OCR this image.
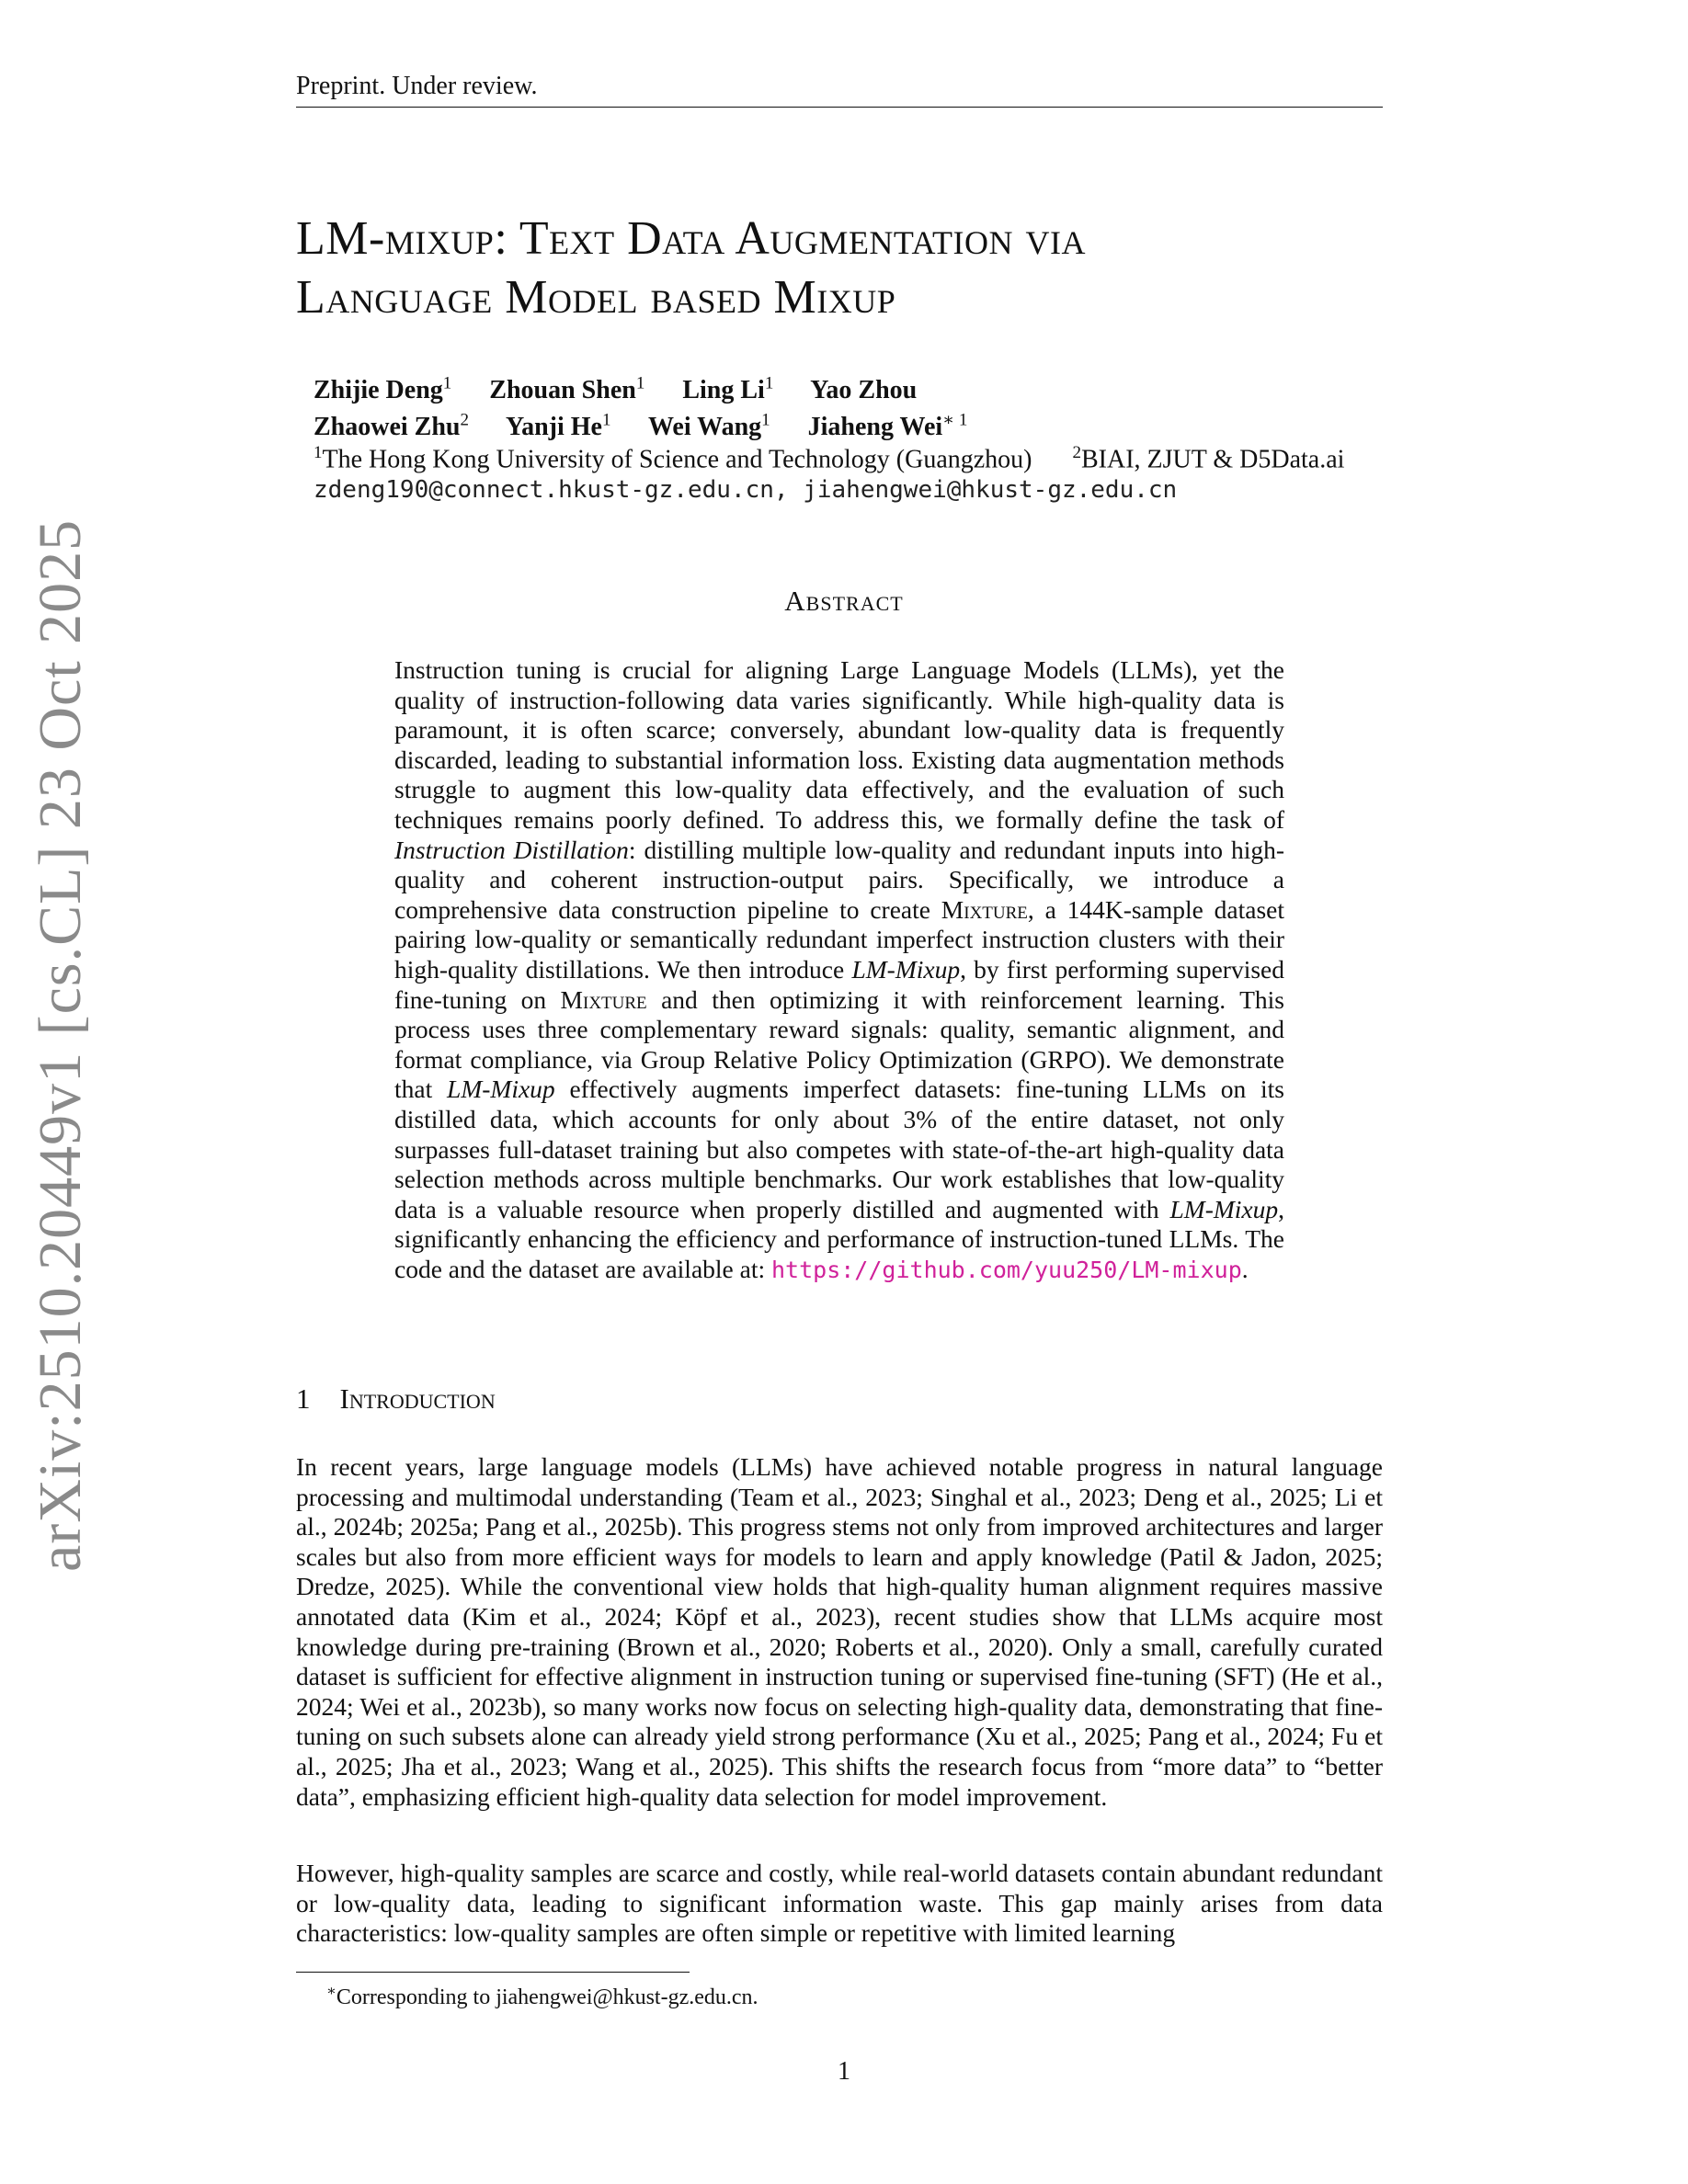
Preprint. Under review.
arXiv:2510.20449v1 [cs.CL] 23 Oct 2025
LM-mixup: Text Data Augmentation via
Language Model based Mixup
Zhijie Deng$^1$ Zhouan Shen$^1$ Ling Li$^1$ Yao Zhou
Zhaowei Zhu$^2$ Yanji He$^1$ Wei Wang$^1$ Jiaheng Wei$^{∗ 1}$
$^1$The Hong Kong University of Science and Technology (Guangzhou) $^2$BIAI, ZJUT & D5Data.ai
zdeng190@connect.hkust-gz.edu.cn, jiahengwei@hkust-gz.edu.cn
Abstract
Instruction tuning is crucial for aligning Large Language Models (LLMs), yet the quality of instruction-following data varies significantly. While high-quality data is paramount, it is often scarce; conversely, abundant low-quality data is frequently discarded, leading to substantial information loss. Existing data augmentation methods struggle to augment this low-quality data effectively, and the evaluation of such techniques remains poorly defined. To address this, we formally define the task of Instruction Distillation: distilling multiple low-quality and redundant inputs into high-quality and coherent instruction-output pairs. Specifically, we introduce a comprehensive data construction pipeline to create Mixture, a 144K-sample dataset pairing low-quality or semantically redundant imperfect instruction clusters with their high-quality distillations. We then introduce LM-Mixup, by first performing supervised fine-tuning on Mixture and then optimizing it with reinforcement learning. This process uses three complementary reward signals: quality, semantic alignment, and format compliance, via Group Relative Policy Optimization (GRPO). We demonstrate that LM-Mixup effectively augments imperfect datasets: fine-tuning LLMs on its distilled data, which accounts for only about 3% of the entire dataset, not only surpasses full-dataset training but also competes with state-of-the-art high-quality data selection methods across multiple benchmarks. Our work establishes that low-quality data is a valuable resource when properly distilled and augmented with LM-Mixup, significantly enhancing the efficiency and performance of instruction-tuned LLMs. The code and the dataset are available at: https://github.com/yuu250/LM-mixup.
1 Introduction
In recent years, large language models (LLMs) have achieved notable progress in natural language processing and multimodal understanding (Team et al., 2023; Singhal et al., 2023; Deng et al., 2025; Li et al., 2024b; 2025a; Pang et al., 2025b). This progress stems not only from improved architectures and larger scales but also from more efficient ways for models to learn and apply knowledge (Patil & Jadon, 2025; Dredze, 2025). While the conventional view holds that high-quality human alignment requires massive annotated data (Kim et al., 2024; Köpf et al., 2023), recent studies show that LLMs acquire most knowledge during pre-training (Brown et al., 2020; Roberts et al., 2020). Only a small, carefully curated dataset is sufficient for effective alignment in instruction tuning or supervised fine-tuning (SFT) (He et al., 2024; Wei et al., 2023b), so many works now focus on selecting high-quality data, demonstrating that fine-tuning on such subsets alone can already yield strong performance (Xu et al., 2025; Pang et al., 2024; Fu et al., 2025; Jha et al., 2023; Wang et al., 2025). This shifts the research focus from “more data” to “better data”, emphasizing efficient high-quality data selection for model improvement.
However, high-quality samples are scarce and costly, while real-world datasets contain abundant redundant or low-quality data, leading to significant information waste. This gap mainly arises from data characteristics: low-quality samples are often simple or repetitive with limited learning
∗Corresponding to jiahengwei@hkust-gz.edu.cn.
1
